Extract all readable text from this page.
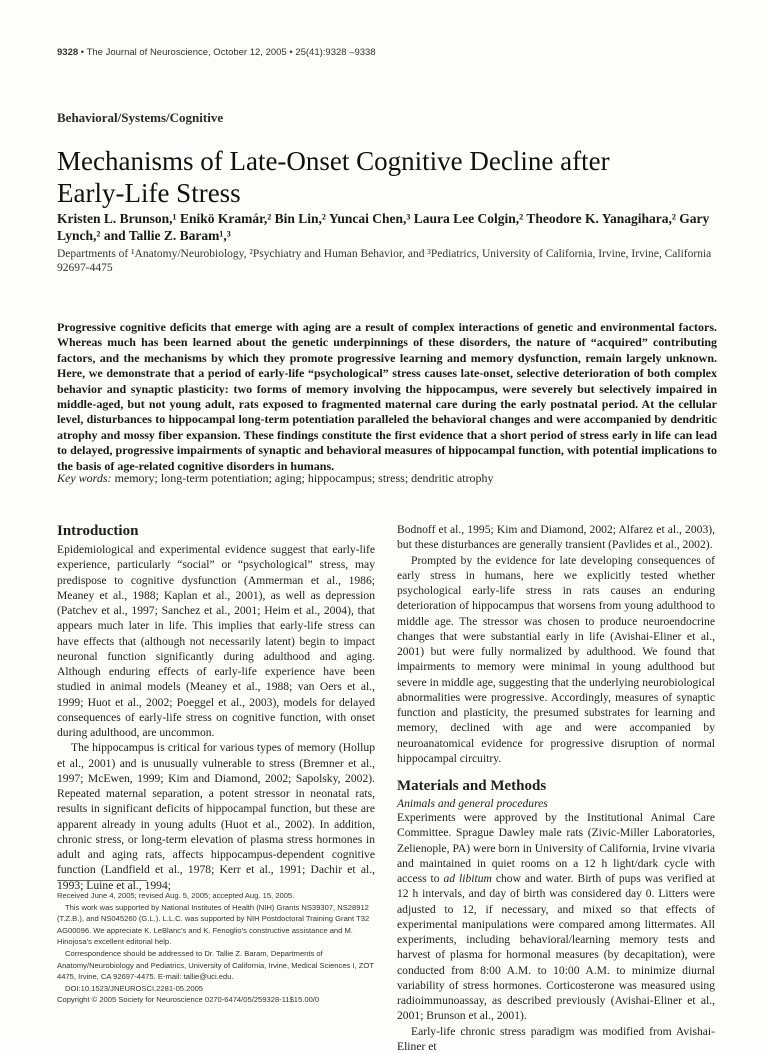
9328 • The Journal of Neuroscience, October 12, 2005 • 25(41):9328 –9338
Behavioral/Systems/Cognitive
Mechanisms of Late-Onset Cognitive Decline after Early-Life Stress
Kristen L. Brunson,¹ Enikö Kramár,² Bin Lin,² Yuncai Chen,³ Laura Lee Colgin,² Theodore K. Yanagihara,² Gary Lynch,² and Tallie Z. Baram¹,³
Departments of ¹Anatomy/Neurobiology, ²Psychiatry and Human Behavior, and ³Pediatrics, University of California, Irvine, Irvine, California 92697-4475
Progressive cognitive deficits that emerge with aging are a result of complex interactions of genetic and environmental factors. Whereas much has been learned about the genetic underpinnings of these disorders, the nature of “acquired” contributing factors, and the mechanisms by which they promote progressive learning and memory dysfunction, remain largely unknown. Here, we demonstrate that a period of early-life “psychological” stress causes late-onset, selective deterioration of both complex behavior and synaptic plasticity: two forms of memory involving the hippocampus, were severely but selectively impaired in middle-aged, but not young adult, rats exposed to fragmented maternal care during the early postnatal period. At the cellular level, disturbances to hippocampal long-term potentiation paralleled the behavioral changes and were accompanied by dendritic atrophy and mossy fiber expansion. These findings constitute the first evidence that a short period of stress early in life can lead to delayed, progressive impairments of synaptic and behavioral measures of hippocampal function, with potential implications to the basis of age-related cognitive disorders in humans.
Key words: memory; long-term potentiation; aging; hippocampus; stress; dendritic atrophy
Introduction

Epidemiological and experimental evidence suggest that early-life experience, particularly “social” or “psychological” stress, may predispose to cognitive dysfunction (Ammerman et al., 1986; Meaney et al., 1988; Kaplan et al., 2001), as well as depression (Patchev et al., 1997; Sanchez et al., 2001; Heim et al., 2004), that appears much later in life. This implies that early-life stress can have effects that (although not necessarily latent) begin to impact neuronal function significantly during adulthood and aging. Although enduring effects of early-life experience have been studied in animal models (Meaney et al., 1988; van Oers et al., 1999; Huot et al., 2002; Poeggel et al., 2003), models for delayed consequences of early-life stress on cognitive function, with onset during adulthood, are uncommon.

The hippocampus is critical for various types of memory (Hollup et al., 2001) and is unusually vulnerable to stress (Bremner et al., 1997; McEwen, 1999; Kim and Diamond, 2002; Sapolsky, 2002). Repeated maternal separation, a potent stressor in neonatal rats, results in significant deficits of hippocampal function, but these are apparent already in young adults (Huot et al., 2002). In addition, chronic stress, or long-term elevation of plasma stress hormones in adult and aging rats, affects hippocampus-dependent cognitive function (Landfield et al., 1978; Kerr et al., 1991; Dachir et al., 1993; Luine et al., 1994;

Bodnoff et al., 1995; Kim and Diamond, 2002; Alfarez et al., 2003), but these disturbances are generally transient (Pavlides et al., 2002).

Prompted by the evidence for late developing consequences of early stress in humans, here we explicitly tested whether psychological early-life stress in rats causes an enduring deterioration of hippocampus that worsens from young adulthood to middle age. The stressor was chosen to produce neuroendocrine changes that were substantial early in life (Avishai-Eliner et al., 2001) but were fully normalized by adulthood. We found that impairments to memory were minimal in young adulthood but severe in middle age, suggesting that the underlying neurobiological abnormalities were progressive. Accordingly, measures of synaptic function and plasticity, the presumed substrates for learning and memory, declined with age and were accompanied by neuroanatomical evidence for progressive disruption of normal hippocampal circuitry.

Materials and Methods
Animals and general procedures

Experiments were approved by the Institutional Animal Care Committee. Sprague Dawley male rats (Zivic-Miller Laboratories, Zelienople, PA) were born in University of California, Irvine vivaria and maintained in quiet rooms on a 12 h light/dark cycle with access to ad libitum chow and water. Birth of pups was verified at 12 h intervals, and day of birth was considered day 0. Litters were adjusted to 12, if necessary, and mixed so that effects of experimental manipulations were compared among littermates. All experiments, including behavioral/learning memory tests and harvest of plasma for hormonal measures (by decapitation), were conducted from 8:00 A.M. to 10:00 A.M. to minimize diurnal variability of stress hormones. Corticosterone was measured using radioimmunoassay, as described previously (Avishai-Eliner et al., 2001; Brunson et al., 2001).

Early-life chronic stress paradigm was modified from Avishai-Eliner et

Received June 4, 2005; revised Aug. 5, 2005; accepted Aug. 15, 2005.

This work was supported by National Institutes of Health (NIH) Grants NS39307, NS28912 (T.Z.B.), and NS045260 (G.L.). L.L.C. was supported by NIH Postdoctoral Training Grant T32 AG00096. We appreciate K. LeBlanc’s and K. Fenoglio’s constructive assistance and M. Hinojosa’s excellent editorial help.

Correspondence should be addressed to Dr. Tallie Z. Baram, Departments of Anatomy/Neurobiology and Pediatrics, University of California, Irvine, Medical Sciences I, ZOT 4475, Irvine, CA 92697-4475. E-mail: tallie@uci.edu.

DOI:10.1523/JNEUROSCI.2281-05.2005

Copyright © 2005 Society for Neuroscience 0270-6474/05/259328-11$15.00/0
